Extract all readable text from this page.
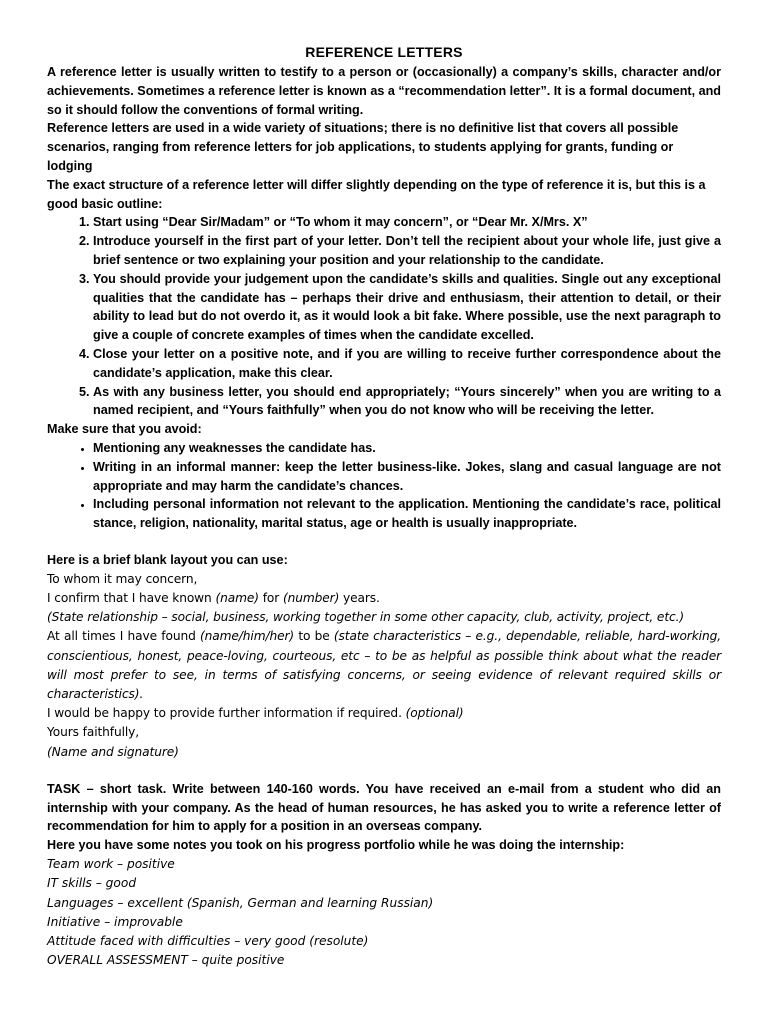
REFERENCE LETTERS

A reference letter is usually written to testify to a person or (occasionally) a company’s skills, character and/or achievements. Sometimes a reference letter is known as a “recommendation letter”. It is a formal document, and so it should follow the conventions of formal writing.

Reference letters are used in a wide variety of situations; there is no definitive list that covers all possible scenarios, ranging from reference letters for job applications, to students applying for grants, funding or lodging

The exact structure of a reference letter will differ slightly depending on the type of reference it is, but this is a good basic outline:

1. Start using “Dear Sir/Madam” or “To whom it may concern”, or “Dear Mr. X/Mrs. X”
2. Introduce yourself in the first part of your letter. Don’t tell the recipient about your whole life, just give a brief sentence or two explaining your position and your relationship to the candidate.
3. You should provide your judgement upon the candidate’s skills and qualities. Single out any exceptional qualities that the candidate has – perhaps their drive and enthusiasm, their attention to detail, or their ability to lead but do not overdo it, as it would look a bit fake. Where possible, use the next paragraph to give a couple of concrete examples of times when the candidate excelled.
4. Close your letter on a positive note, and if you are willing to receive further correspondence about the candidate’s application, make this clear.
5. As with any business letter, you should end appropriately; “Yours sincerely” when you are writing to a named recipient, and “Yours faithfully” when you do not know who will be receiving the letter.

Make sure that you avoid:

• Mentioning any weaknesses the candidate has.
• Writing in an informal manner: keep the letter business-like. Jokes, slang and casual language are not appropriate and may harm the candidate’s chances.
• Including personal information not relevant to the application. Mentioning the candidate’s race, political stance, religion, nationality, marital status, age or health is usually inappropriate.

Here is a brief blank layout you can use:

To whom it may concern,

I confirm that I have known (name) for (number) years.

(State relationship – social, business, working together in some other capacity, club, activity, project, etc.)

At all times I have found (name/him/her) to be (state characteristics – e.g., dependable, reliable, hard-working, conscientious, honest, peace-loving, courteous, etc – to be as helpful as possible think about what the reader will most prefer to see, in terms of satisfying concerns, or seeing evidence of relevant required skills or characteristics).

I would be happy to provide further information if required. (optional)

Yours faithfully,

(Name and signature)

TASK – short task. Write between 140-160 words. You have received an e-mail from a student who did an internship with your company. As the head of human resources, he has asked you to write a reference letter of recommendation for him to apply for a position in an overseas company.

Here you have some notes you took on his progress portfolio while he was doing the internship:

Team work – positive

IT skills – good

Languages – excellent (Spanish, German and learning Russian)

Initiative – improvable

Attitude faced with difficulties – very good (resolute)

OVERALL ASSESSMENT – quite positive
